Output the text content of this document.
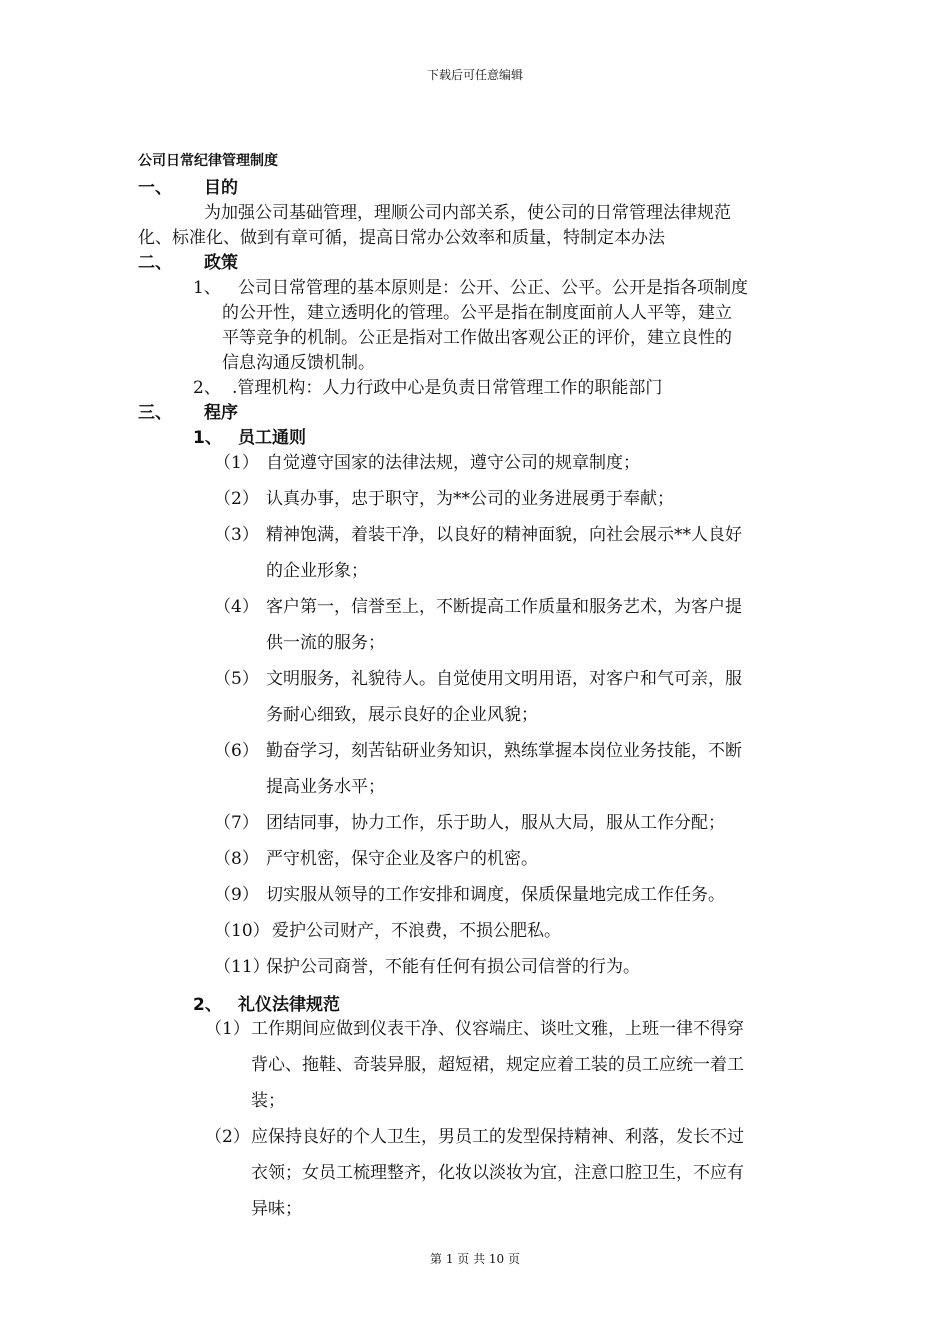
下载后可任意编辑
公司日常纪律管理制度
一、 目的
为加强公司基础管理，理顺公司内部关系，使公司的日常管理法律规范
化、标准化、做到有章可循，提高日常办公效率和质量，特制定本办法
二、 政策
1、 公司日常管理的基本原则是：公开、公正、公平。公开是指各项制度
的公开性，建立透明化的管理。公平是指在制度面前人人平等，建立
平等竞争的机制。公正是指对工作做出客观公正的评价，建立良性的
信息沟通反馈机制。
2、 .管理机构：人力行政中心是负责日常管理工作的职能部门
三、 程序
1、 员工通则
（1） 自觉遵守国家的法律法规，遵守公司的规章制度；
（2） 认真办事，忠于职守，为**公司的业务进展勇于奉献；
（3） 精神饱满，着装干净，以良好的精神面貌，向社会展示**人良好
的企业形象；
（4） 客户第一，信誉至上，不断提高工作质量和服务艺术，为客户提
供一流的服务；
（5） 文明服务，礼貌待人。自觉使用文明用语，对客户和气可亲，服
务耐心细致，展示良好的企业风貌；
（6） 勤奋学习，刻苦钻研业务知识，熟练掌握本岗位业务技能，不断
提高业务水平；
（7） 团结同事，协力工作，乐于助人，服从大局，服从工作分配；
（8） 严守机密，保守企业及客户的机密。
（9） 切实服从领导的工作安排和调度，保质保量地完成工作任务。
（10） 爱护公司财产，不浪费，不损公肥私。
（11）
保护公司商誉，不能有任何有损公司信誉的行为。
2、 礼仪法律规范
（1） 工作期间应做到仪表干净、仪容端庄、谈吐文雅，上班一律不得穿
背心、拖鞋、奇装异服，超短裙，规定应着工装的员工应统一着工
装；
（2） 应保持良好的个人卫生，男员工的发型保持精神、利落，发长不过
衣领；女员工梳理整齐，化妆以淡妆为宜，注意口腔卫生，不应有
异味；
第 1 页 共 10 页
